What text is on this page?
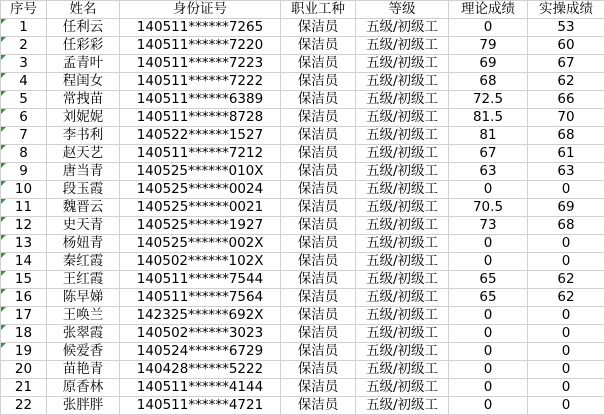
序号	姓名	身份证号	职业工种	等级	理论成绩	实操成绩
1	任利云	140511******7265	保洁员	五级/初级工	0	53
2	任彩彩	140511******7220	保洁员	五级/初级工	79	60
3	孟青叶	140511******7223	保洁员	五级/初级工	69	67
4	程闺女	140511******7222	保洁员	五级/初级工	68	62
5	常拽苗	140511******6389	保洁员	五级/初级工	72.5	66
6	刘妮妮	140511******8728	保洁员	五级/初级工	81.5	70
7	李书利	140522******1527	保洁员	五级/初级工	81	68
8	赵天艺	140511******7212	保洁员	五级/初级工	67	61
9	唐当青	140525******010X	保洁员	五级/初级工	63	63
10	段玉霞	140525******0024	保洁员	五级/初级工	0	0
11	魏晋云	140525******0021	保洁员	五级/初级工	70.5	69
12	史天青	140525******1927	保洁员	五级/初级工	73	68
13	杨妞青	140525******002X	保洁员	五级/初级工	0	0
14	秦红霞	140502******102X	保洁员	五级/初级工	0	0
15	王红霞	140511******7544	保洁员	五级/初级工	65	62
16	陈早娣	140511******7564	保洁员	五级/初级工	65	62
17	王唤兰	142325******692X	保洁员	五级/初级工	0	0
18	张翠霞	140502******3023	保洁员	五级/初级工	0	0
19	候爱香	140524******6729	保洁员	五级/初级工	0	0
20	苗艳青	140428******5222	保洁员	五级/初级工	0	0
21	原香林	140511******4144	保洁员	五级/初级工	0	0
22	张胖胖	140511******4721	保洁员	五级/初级工	0	0
